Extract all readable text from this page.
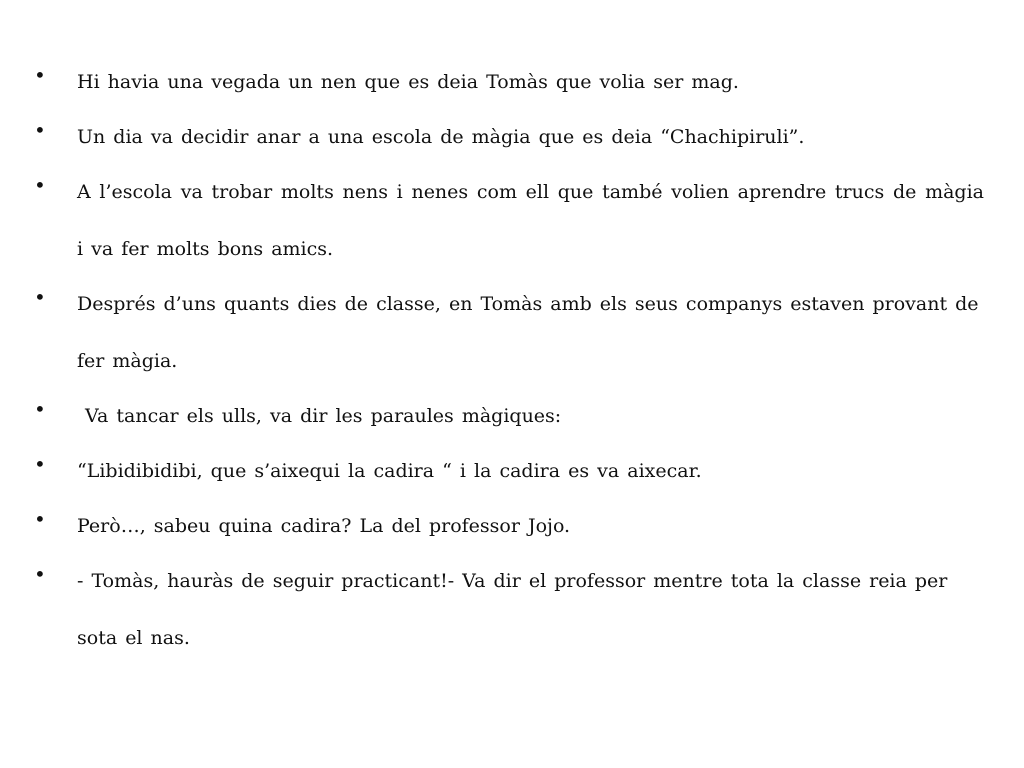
• Hi havia una vegada un nen que es deia Tomàs que volia ser mag.
• Un dia va decidir anar a una escola de màgia que es deia “Chachipiruli”.
• A l’escola va trobar molts nens i nenes com ell que també volien aprendre trucs de màgia i va fer molts bons amics.
• Després d’uns quants dies de classe, en Tomàs amb els seus companys estaven provant de fer màgia.
• Va tancar els ulls, va dir les paraules màgiques:
• “Libidibidibi, que s’aixequi la cadira “ i la cadira es va aixecar.
• Però…, sabeu quina cadira? La del professor Jojo.
• - Tomàs, hauràs de seguir practicant!- Va dir el professor mentre tota la classe reia per sota el nas.
